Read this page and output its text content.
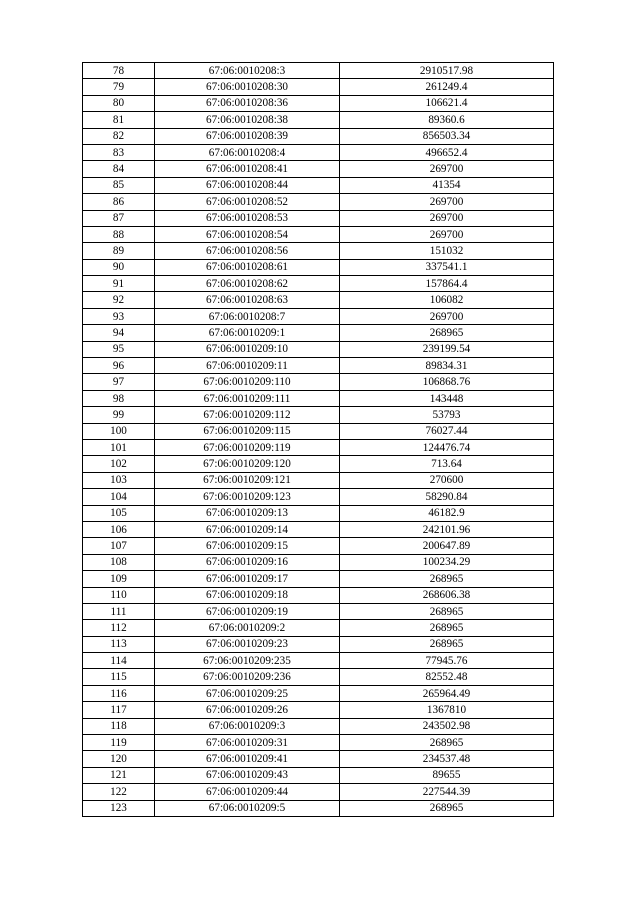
78	67:06:0010208:3	2910517.98
79	67:06:0010208:30	261249.4
80	67:06:0010208:36	106621.4
81	67:06:0010208:38	89360.6
82	67:06:0010208:39	856503.34
83	67:06:0010208:4	496652.4
84	67:06:0010208:41	269700
85	67:06:0010208:44	41354
86	67:06:0010208:52	269700
87	67:06:0010208:53	269700
88	67:06:0010208:54	269700
89	67:06:0010208:56	151032
90	67:06:0010208:61	337541.1
91	67:06:0010208:62	157864.4
92	67:06:0010208:63	106082
93	67:06:0010208:7	269700
94	67:06:0010209:1	268965
95	67:06:0010209:10	239199.54
96	67:06:0010209:11	89834.31
97	67:06:0010209:110	106868.76
98	67:06:0010209:111	143448
99	67:06:0010209:112	53793
100	67:06:0010209:115	76027.44
101	67:06:0010209:119	124476.74
102	67:06:0010209:120	713.64
103	67:06:0010209:121	270600
104	67:06:0010209:123	58290.84
105	67:06:0010209:13	46182.9
106	67:06:0010209:14	242101.96
107	67:06:0010209:15	200647.89
108	67:06:0010209:16	100234.29
109	67:06:0010209:17	268965
110	67:06:0010209:18	268606.38
111	67:06:0010209:19	268965
112	67:06:0010209:2	268965
113	67:06:0010209:23	268965
114	67:06:0010209:235	77945.76
115	67:06:0010209:236	82552.48
116	67:06:0010209:25	265964.49
117	67:06:0010209:26	1367810
118	67:06:0010209:3	243502.98
119	67:06:0010209:31	268965
120	67:06:0010209:41	234537.48
121	67:06:0010209:43	89655
122	67:06:0010209:44	227544.39
123	67:06:0010209:5	268965
